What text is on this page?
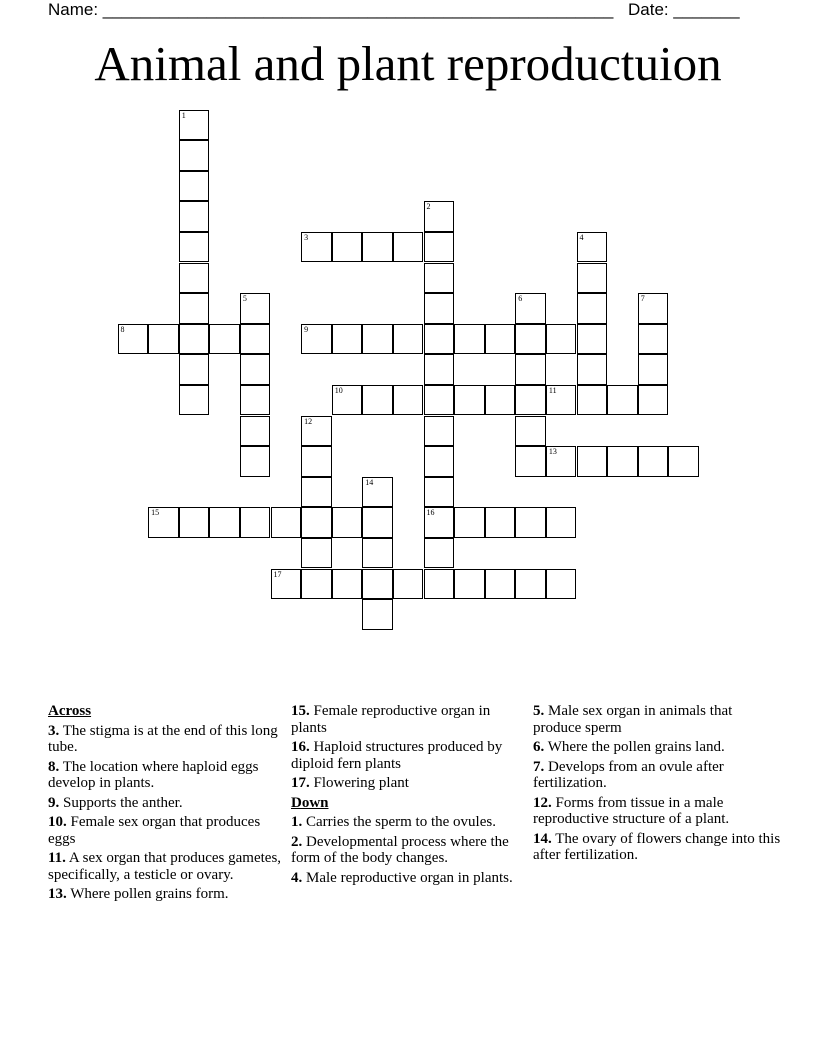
Name: ______________________________________________________ Date: _______
Animal and plant reproductuion
1
2
16
3	4
5	6	7
8	9
10	11
12
13
14
15
17
Across
3. The stigma is at the end of this long tube.
8. The location where haploid eggs develop in plants.
9. Supports the anther.
10. Female sex organ that produces eggs
11. A sex organ that produces gametes, specifically, a testicle or ovary.
13. Where pollen grains form.
15. Female reproductive organ in plants
16. Haploid structures produced by diploid fern plants
17. Flowering plant
Down
1. Carries the sperm to the ovules.
2. Developmental process where the form of the body changes.
4. Male reproductive organ in plants.
5. Male sex organ in animals that produce sperm
6. Where the pollen grains land.
7. Develops from an ovule after fertilization.
12. Forms from tissue in a male reproductive structure of a plant.
14. The ovary of flowers change into this after fertilization.
